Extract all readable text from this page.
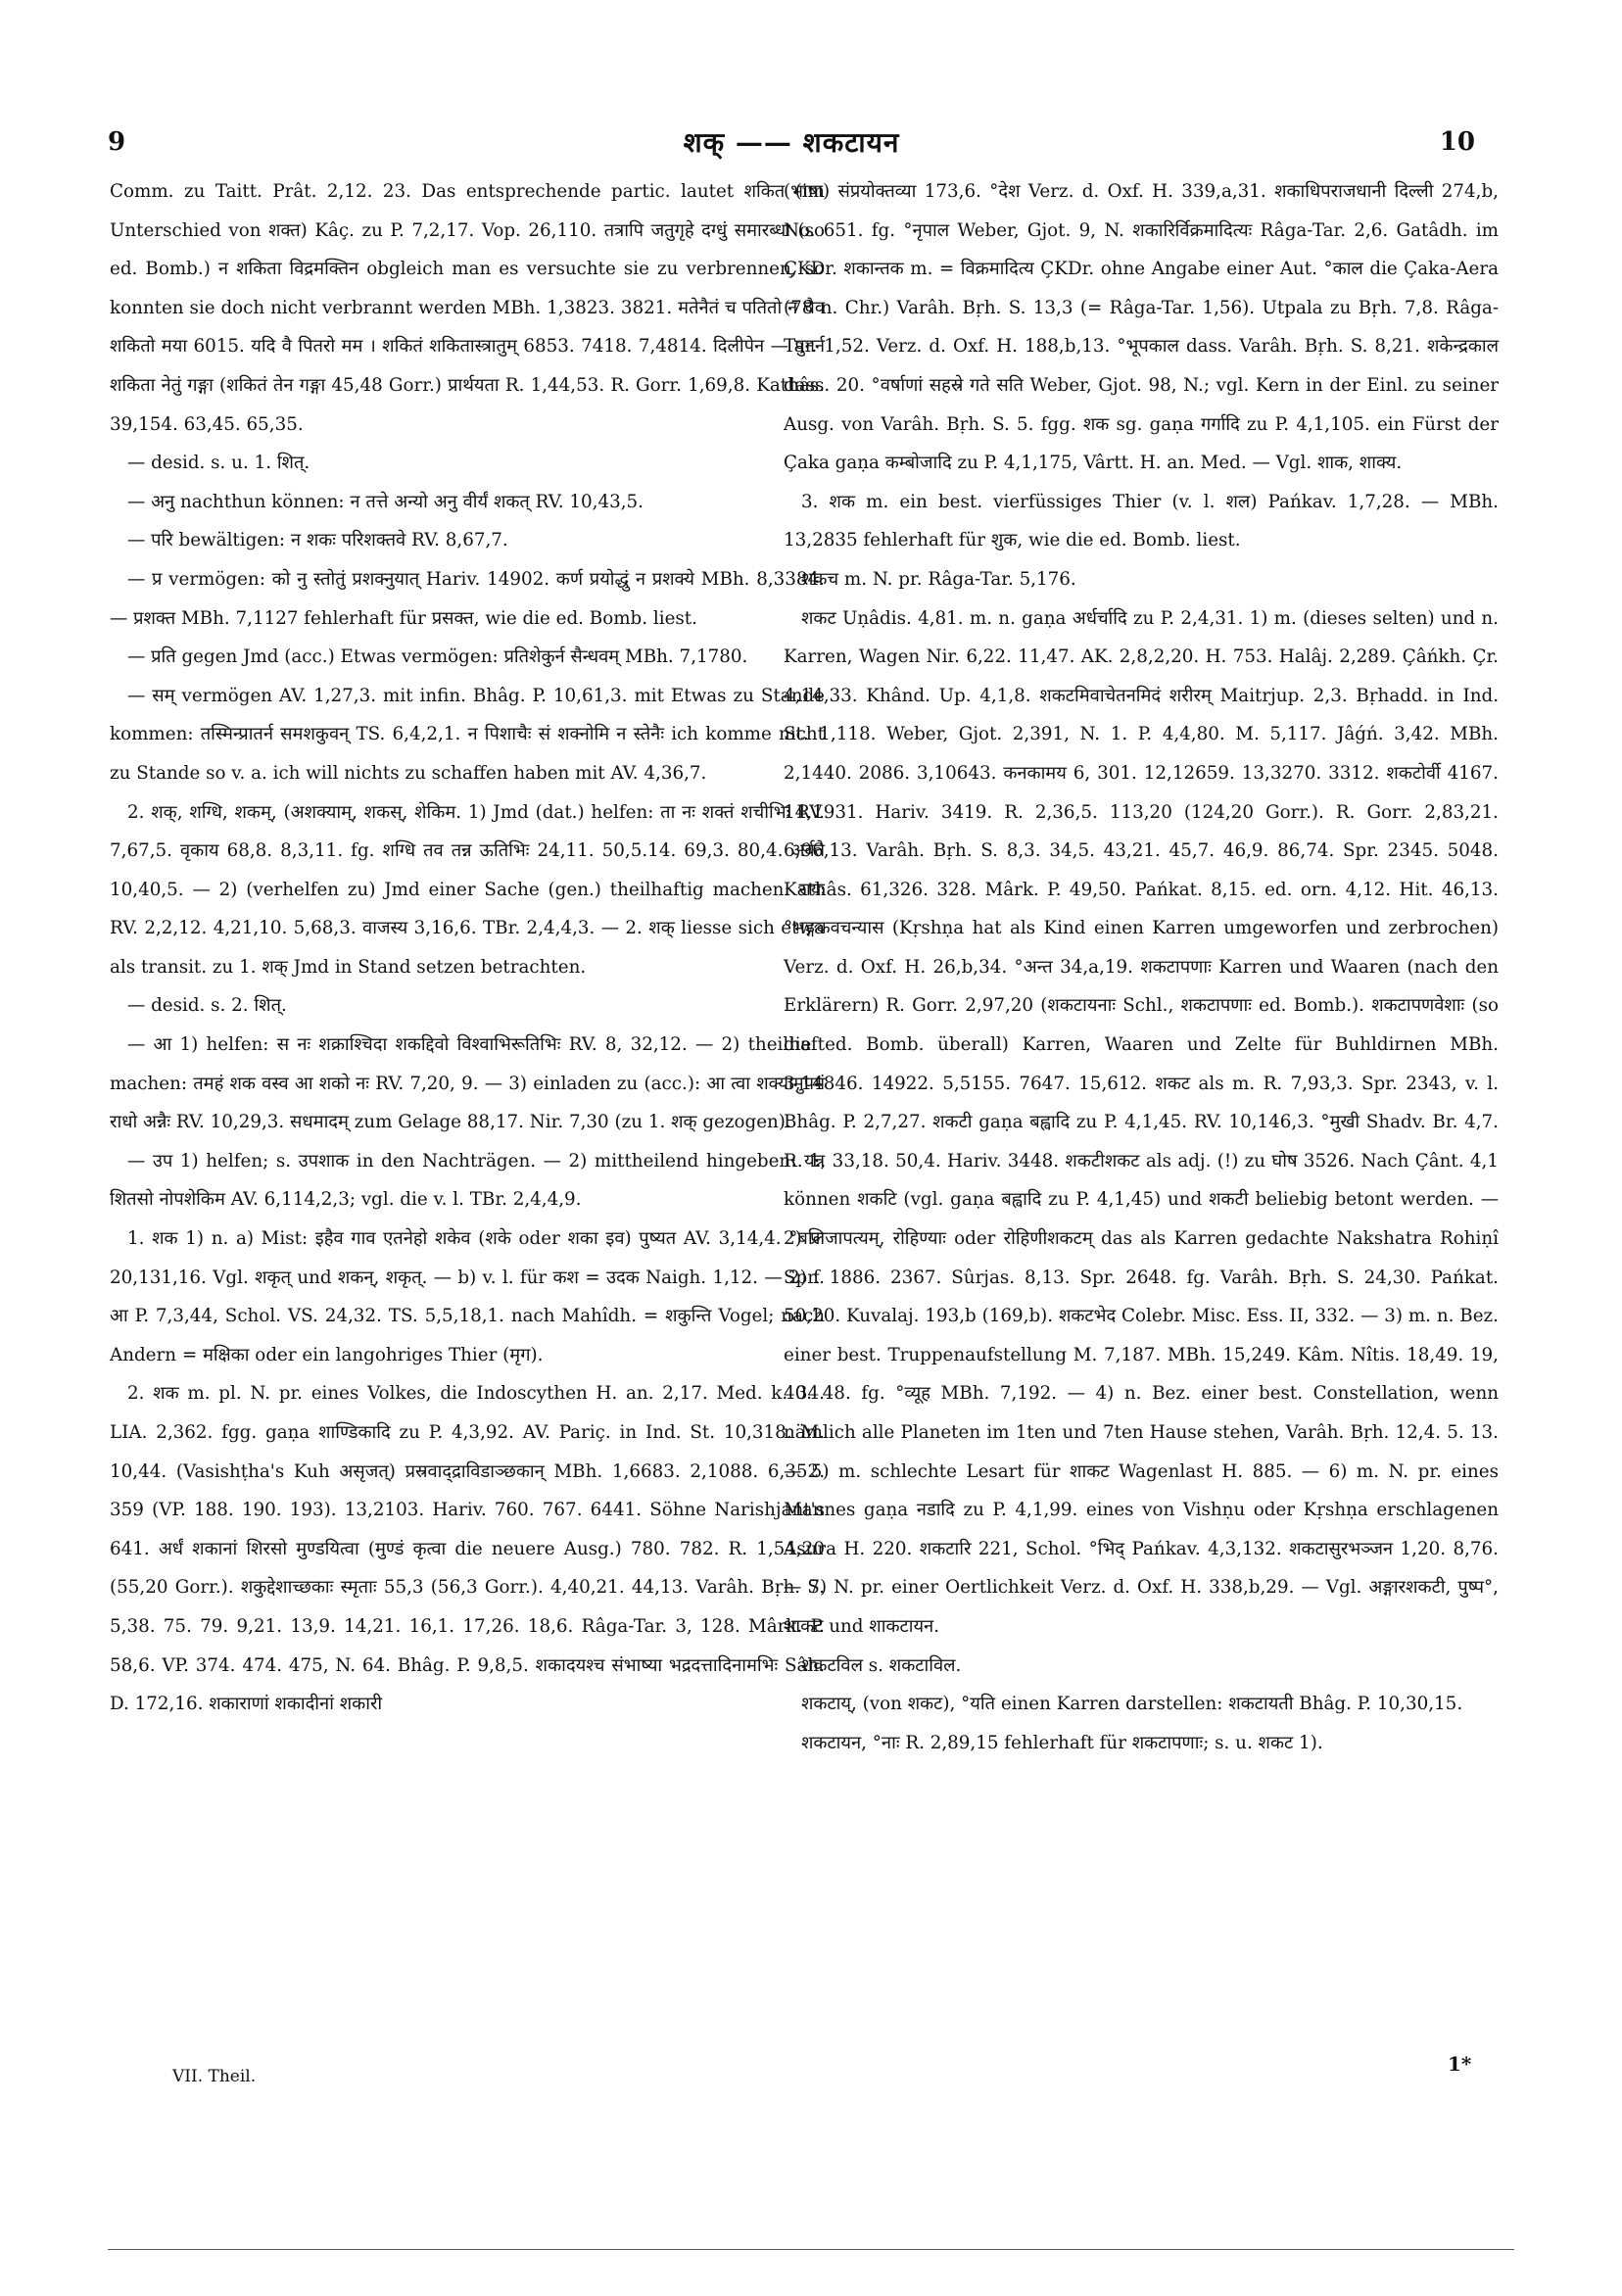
9	शक् —— शकटायन	10

Comm. zu Taitt. Prât. 2,12. 23. Das entsprechende partic. lautet शकित (im Unterschied von शक्त) Kâç. zu P. 7,2,17. Vop. 26,110. तत्रापि जतुगृहे दग्धुं समारब्धा (so ed. Bomb.) न शकिता विद्रमक्तिन obgleich man es versuchte sie zu verbrennen, so konnten sie doch nicht verbrannt werden MBh. 1,3823. 3821. मतेनैतं च पतितो न चैव शकितो मया 6015. यदि वै पितरो मम । शकितं शकितास्त्रातुम् 6853. 7418. 7,4814. दिलीपेन — पुनर्न शकिता नेतुं गङ्गा (शकितं तेन गङ्गा 45,48 Gorr.) प्रार्थयता R. 1,44,53. R. Gorr. 1,69,8. Kathâs. 39,154. 63,45. 65,35.

— desid. s. u. 1. शित्.

— अनु nachthun können: न तत्ते अन्यो अनु वीर्यं शकत् RV. 10,43,5.

— परि bewältigen: न शकः परिशक्तवे RV. 8,67,7.

— प्र vermögen: को नु स्तोतुं प्रशक्नुयात् Hariv. 14902. कर्ण प्रयोद्धुं न प्रशक्ये MBh. 8,3384. — प्रशक्त MBh. 7,1127 fehlerhaft für प्रसक्त, wie die ed. Bomb. liest.

— प्रति gegen Jmd (acc.) Etwas vermögen: प्रतिशेकुर्न सैन्धवम् MBh. 7,1780.

— सम् vermögen AV. 1,27,3. mit infin. Bhâg. P. 10,61,3. mit Etwas zu Stande kommen: तस्मिन्प्रातर्न समशकुवन् TS. 6,4,2,1. न पिशाचैः सं शक्नोमि न स्तेनैः ich komme nicht zu Stande so v. a. ich will nichts zu schaffen haben mit AV. 4,36,7.

2. शक्, शग्धि, शकम्, (अशक्याम्, शकस्, शेकिम. 1) Jmd (dat.) helfen: ता नः शक्तं शचीभिः RV. 7,67,5. वृकाय 68,8. 8,3,11. fg. शग्धि तव तन्न ऊतिभिः 24,11. 50,5.14. 69,3. 80,4. अर्वते 10,40,5. — 2) (verhelfen zu) Jmd einer Sache (gen.) theilhaftig machen: रायः RV. 2,2,12. 4,21,10. 5,68,3. वाजस्य 3,16,6. TBr. 2,4,4,3. — 2. शक् liesse sich etwa als transit. zu 1. शक् Jmd in Stand setzen betrachten.

— desid. s. 2. शित्.

— आ 1) helfen: स नः शक्राश्चिदा शकद्दिवो विश्वाभिरूतिभिः RV. 8, 32,12. — 2) theilhaft machen: तमहं शक वस्व आ शको नः RV. 7,20, 9. — 3) einladen zu (acc.): आ त्वा शक्यामुपमं राधो अन्नैः RV. 10,29,3. सधमादम् zum Gelage 88,17. Nir. 7,30 (zu 1. शक् gezogen).

— उप 1) helfen; s. उपशाक in den Nachträgen. — 2) mittheilend hingeben: यन्न शितसो नोपशेकिम AV. 6,114,2,3; vgl. die v. l. TBr. 2,4,4,9.

1. शक 1) n. a) Mist: इहैव गाव एतनेहो शकेव (शके oder शका इव) पुष्यत AV. 3,14,4. °बलि 20,131,16. Vgl. शकृत् und शकन्, शकृत्. — b) v. l. für कश = उदक Naigh. 1,12. — 2) f. आ P. 7,3,44, Schol. VS. 24,32. TS. 5,5,18,1. nach Mahîdh. = शकुन्ति Vogel; nach Andern = मक्षिका oder ein langohriges Thier (मृग).

2. शक m. pl. N. pr. eines Volkes, die Indoscythen H. an. 2,17. Med. k. 34. LIA. 2,362. fgg. gaṇa शाण्डिकादि zu P. 4,3,92. AV. Pariç. in Ind. St. 10,318. M. 10,44. (Vasishṭha's Kuh असृजत्) प्रस्रवाद्द्राविडाञ्छकान् MBh. 1,6683. 2,1088. 6,352. 359 (VP. 188. 190. 193). 13,2103. Hariv. 760. 767. 6441. Söhne Narishjant's 641. अर्धं शकानां शिरसो मुण्डयित्वा (मुण्डं कृत्वा die neuere Ausg.) 780. 782. R. 1,54,20 (55,20 Gorr.). शकुद्देशाच्छकाः स्मृताः 55,3 (56,3 Gorr.). 4,40,21. 44,13. Varâh. Bṛh. S. 5,38. 75. 79. 9,21. 13,9. 14,21. 16,1. 17,26. 18,6. Râga-Tar. 3, 128. Mârk. P. 58,6. VP. 374. 474. 475, N. 64. Bhâg. P. 9,8,5. शकादयश्च संभाष्या भद्रदत्तादिनामभिः Sâh. D. 172,16. शकाराणां शकादीनां शकारी

(भाषा) संप्रयोक्तव्या 173,6. °देश Verz. d. Oxf. H. 339,a,31. शकाधिपराजधानी दिल्ली 274,b, No. 651. fg. °नृपाल Weber, Gjot. 9, N. शकारिर्विक्रमादित्यः Râga-Tar. 2,6. Gatâdh. im ÇKDr. शकान्तक m. = विक्रमादित्य ÇKDr. ohne Angabe einer Aut. °काल die Çaka-Aera (78 n. Chr.) Varâh. Bṛh. S. 13,3 (= Râga-Tar. 1,56). Utpala zu Bṛh. 7,8. Râga-Tar. 1,52. Verz. d. Oxf. H. 188,b,13. °भूपकाल dass. Varâh. Bṛh. S. 8,21. शकेन्द्रकाल dass. 20. °वर्षाणां सहस्रे गते सति Weber, Gjot. 98, N.; vgl. Kern in der Einl. zu seiner Ausg. von Varâh. Bṛh. S. 5. fgg. शक sg. gaṇa गर्गादि zu P. 4,1,105. ein Fürst der Çaka gaṇa कम्बोजादि zu P. 4,1,175, Vârtt. H. an. Med. — Vgl. शाक, शाक्य.

3. शक m. ein best. vierfüssiges Thier (v. l. शल) Pańkav. 1,7,28. — MBh. 13,2835 fehlerhaft für शुक, wie die ed. Bomb. liest.

शकच m. N. pr. Râga-Tar. 5,176.

शकट Uṇâdis. 4,81. m. n. gaṇa अर्धर्चादि zu P. 2,4,31. 1) m. (dieses selten) und n. Karren, Wagen Nir. 6,22. 11,47. AK. 2,8,2,20. H. 753. Halâj. 2,289. Çâńkh. Çr. 4,14,33. Khând. Up. 4,1,8. शकटमिवाचेतनमिदं शरीरम् Maitrjup. 2,3. Bṛhadd. in Ind. St. 1,118. Weber, Gjot. 2,391, N. 1. P. 4,4,80. M. 5,117. Jâǵń. 3,42. MBh. 2,1440. 2086. 3,10643. कनकामय 6, 301. 12,12659. 13,3270. 3312. शकटोर्वी 4167. 14,1931. Hariv. 3419. R. 2,36,5. 113,20 (124,20 Gorr.). R. Gorr. 2,83,21. 6,96,13. Varâh. Bṛh. S. 8,3. 34,5. 43,21. 45,7. 46,9. 86,74. Spr. 2345. 5048. Kathâs. 61,326. 328. Mârk. P. 49,50. Pańkat. 8,15. ed. orn. 4,12. Hit. 46,13. °भङ्गकवचन्यास (Kṛshṇa hat als Kind einen Karren umgeworfen und zerbrochen) Verz. d. Oxf. H. 26,b,34. °अन्त 34,a,19. शकटापणाः Karren und Waaren (nach den Erklärern) R. Gorr. 2,97,20 (शकटायनाः Schl., शकटापणाः ed. Bomb.). शकटापणवेशाः (so die ed. Bomb. überall) Karren, Waaren und Zelte für Buhldirnen MBh. 3,14846. 14922. 5,5155. 7647. 15,612. शकट als m. R. 7,93,3. Spr. 2343, v. l. Bhâg. P. 2,7,27. शकटी gaṇa बह्वादि zu P. 4,1,45. RV. 10,146,3. °मुखी Shadv. Br. 4,7. R. 1, 33,18. 50,4. Hariv. 3448. शकटीशकट als adj. (!) zu घोष 3526. Nach Çânt. 4,1 können शकटि (vgl. gaṇa बह्वादि zu P. 4,1,45) und शकटी beliebig betont werden. — 2) प्राजापत्यम्, रोहिण्याः oder रोहिणीशकटम् das als Karren gedachte Nakshatra Rohiṇî Spr. 1886. 2367. Sûrjas. 8,13. Spr. 2648. fg. Varâh. Bṛh. S. 24,30. Pańkat. 50,20. Kuvalaj. 193,b (169,b). शकटभेद Colebr. Misc. Ess. II, 332. — 3) m. n. Bez. einer best. Truppenaufstellung M. 7,187. MBh. 15,249. Kâm. Nîtis. 18,49. 19, 40. 48. fg. °व्यूह MBh. 7,192. — 4) n. Bez. einer best. Constellation, wenn nämlich alle Planeten im 1ten und 7ten Hause stehen, Varâh. Bṛh. 12,4. 5. 13. — 5) m. schlechte Lesart für शाकट Wagenlast H. 885. — 6) m. N. pr. eines Mannes gaṇa नडादि zu P. 4,1,99. eines von Vishṇu oder Kṛshṇa erschlagenen Asura H. 220. शकटारि 221, Schol. °भिद् Pańkav. 4,3,132. शकटासुरभञ्जन 1,20. 8,76. — 7) N. pr. einer Oertlichkeit Verz. d. Oxf. H. 338,b,29. — Vgl. अङ्गारशकटी, पुष्प°, शाकट und शाकटायन.

शकटविल s. शकटाविल.

शकटाय्, (von शकट), °यति einen Karren darstellen: शकटायती Bhâg. P. 10,30,15.

शकटायन, °नाः R. 2,89,15 fehlerhaft für शकटापणाः; s. u. शकट 1).

VII. Theil.
1*
